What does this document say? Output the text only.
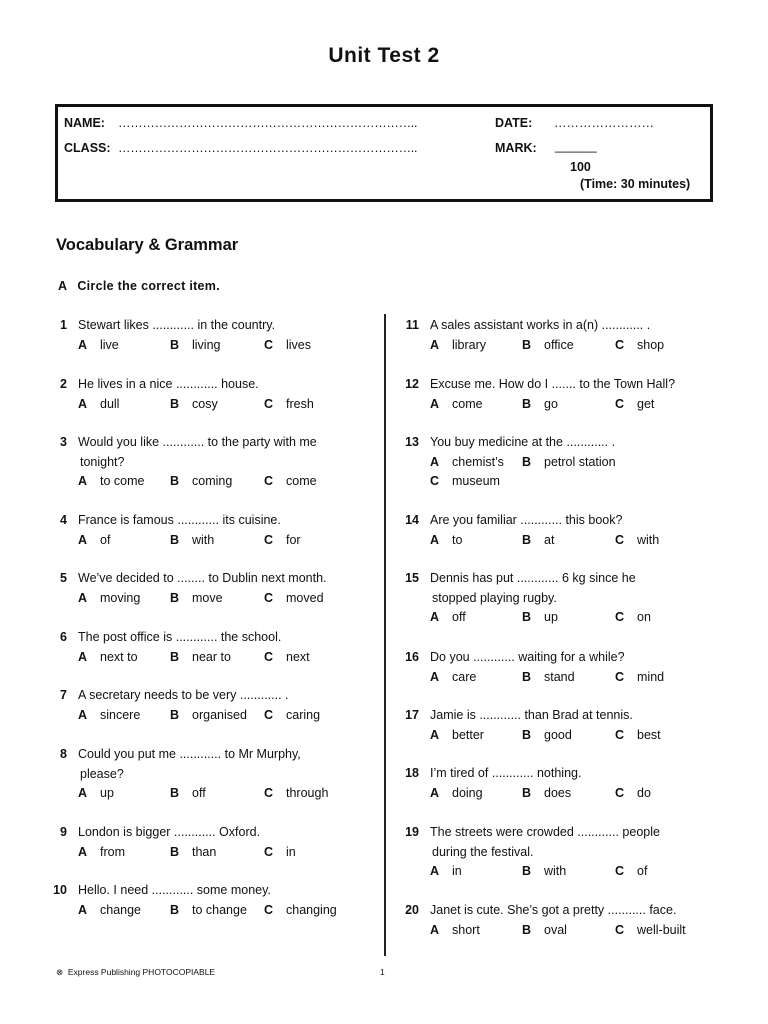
Unit Test 2
NAME: ………………………………………………………………..	DATE: ……………………
CLASS: ………………………………………………………………..	MARK: ______
100
(Time: 30 minutes)
Vocabulary & Grammar
A Circle the correct item.
1 Stewart likes ............ in the country.
A live	B living	C lives
2 He lives in a nice ............ house.
A dull	B cosy	C fresh
3 Would you like ............ to the party with me
tonight?
A to come B coming	C come
4 France is famous ............ its cuisine.
A of	B with	C for
5 We’ve decided to ........ to Dublin next month.
A moving B move	C moved
6 The post office is ............ the school.
A next to	B near to	C next
7 A secretary needs to be very ............ .
A sincere B organised C caring
8 Could you put me ............ to Mr Murphy,
please?
A up	B off	C through
9 London is bigger ............ Oxford.
A from	B than	C in
10 Hello. I need ............ some money.
A change B to change C changing
11 A sales assistant works in a(n) ............ .
A library	B office	C shop
12 Excuse me. How do I ....... to the Town Hall?
A come	B go	C get
13 You buy medicine at the ............ .
A chemist’s B petrol station
C museum
14 Are you familiar ............ this book?
A to	B at	C with
15 Dennis has put ............ 6 kg since he
stopped playing rugby.
A off	B up	C on
16 Do you ............ waiting for a while?
A care	B stand	C mind
17 Jamie is ............ than Brad at tennis.
A better	B good	C best
18 I’m tired of ............ nothing.
A doing	B does	C do
19 The streets were crowded ............ people
during the festival.
A in	B with	C of
20 Janet is cute. She’s got a pretty ........... face.
A short	B oval	C well-built
⊗ Express Publishing PHOTOCOPIABLE	1
